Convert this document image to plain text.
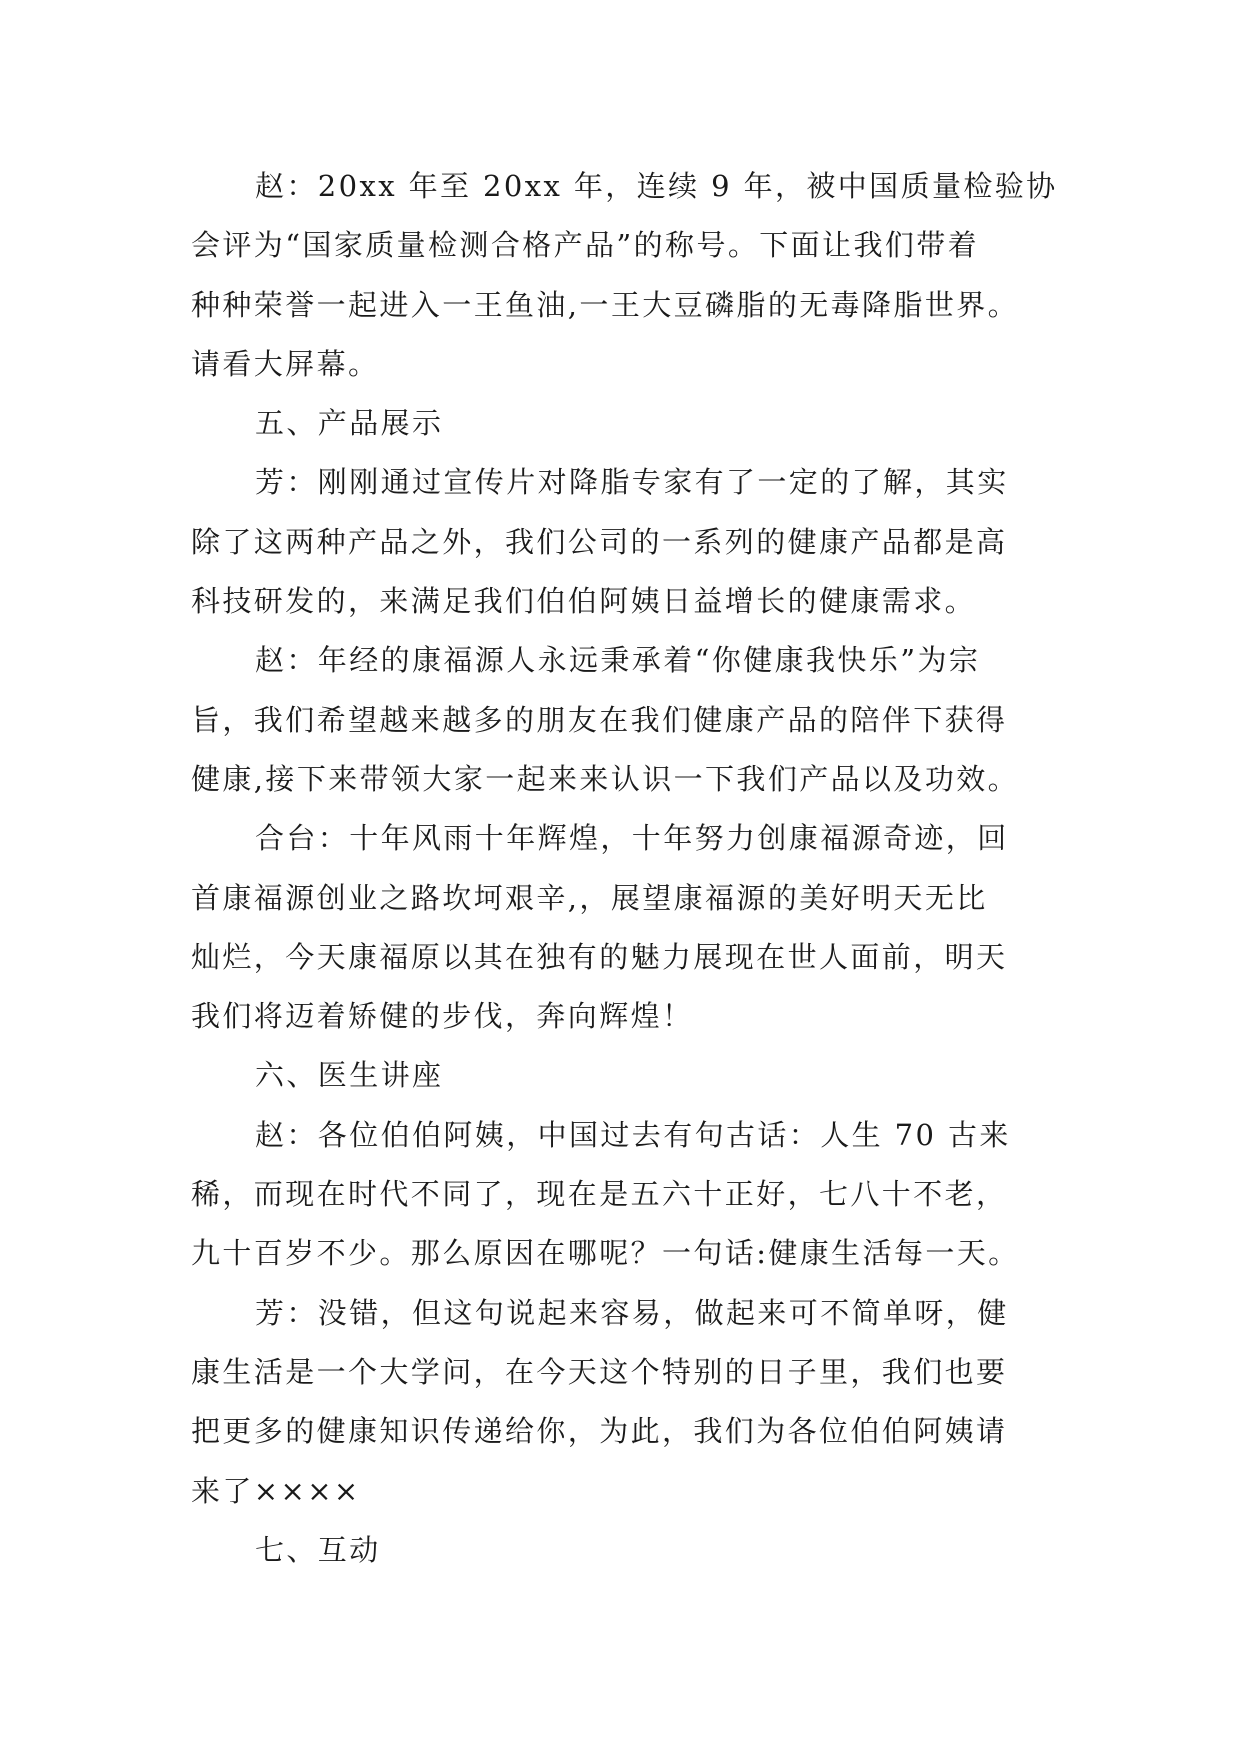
赵：20xx 年至 20xx 年，连续 9 年，被中国质量检验协
会评为“国家质量检测合格产品”的称号。下面让我们带着
种种荣誉一起进入一王鱼油,一王大豆磷脂的无毒降脂世界。
请看大屏幕。

五、产品展示

芳：刚刚通过宣传片对降脂专家有了一定的了解，其实
除了这两种产品之外，我们公司的一系列的健康产品都是高
科技研发的，来满足我们伯伯阿姨日益增长的健康需求。

赵：年经的康福源人永远秉承着“你健康我快乐”为宗
旨，我们希望越来越多的朋友在我们健康产品的陪伴下获得
健康,接下来带领大家一起来来认识一下我们产品以及功效。

合台：十年风雨十年辉煌，十年努力创康福源奇迹，回
首康福源创业之路坎坷艰辛,，展望康福源的美好明天无比
灿烂，今天康福原以其在独有的魅力展现在世人面前，明天
我们将迈着矫健的步伐，奔向辉煌！

六、医生讲座

赵：各位伯伯阿姨，中国过去有句古话：人生 70 古来
稀，而现在时代不同了，现在是五六十正好，七八十不老，
九十百岁不少。那么原因在哪呢？一句话:健康生活每一天。

芳：没错，但这句说起来容易，做起来可不简单呀，健
康生活是一个大学问，在今天这个特别的日子里，我们也要
把更多的健康知识传递给你，为此，我们为各位伯伯阿姨请
来了××××

七、互动
